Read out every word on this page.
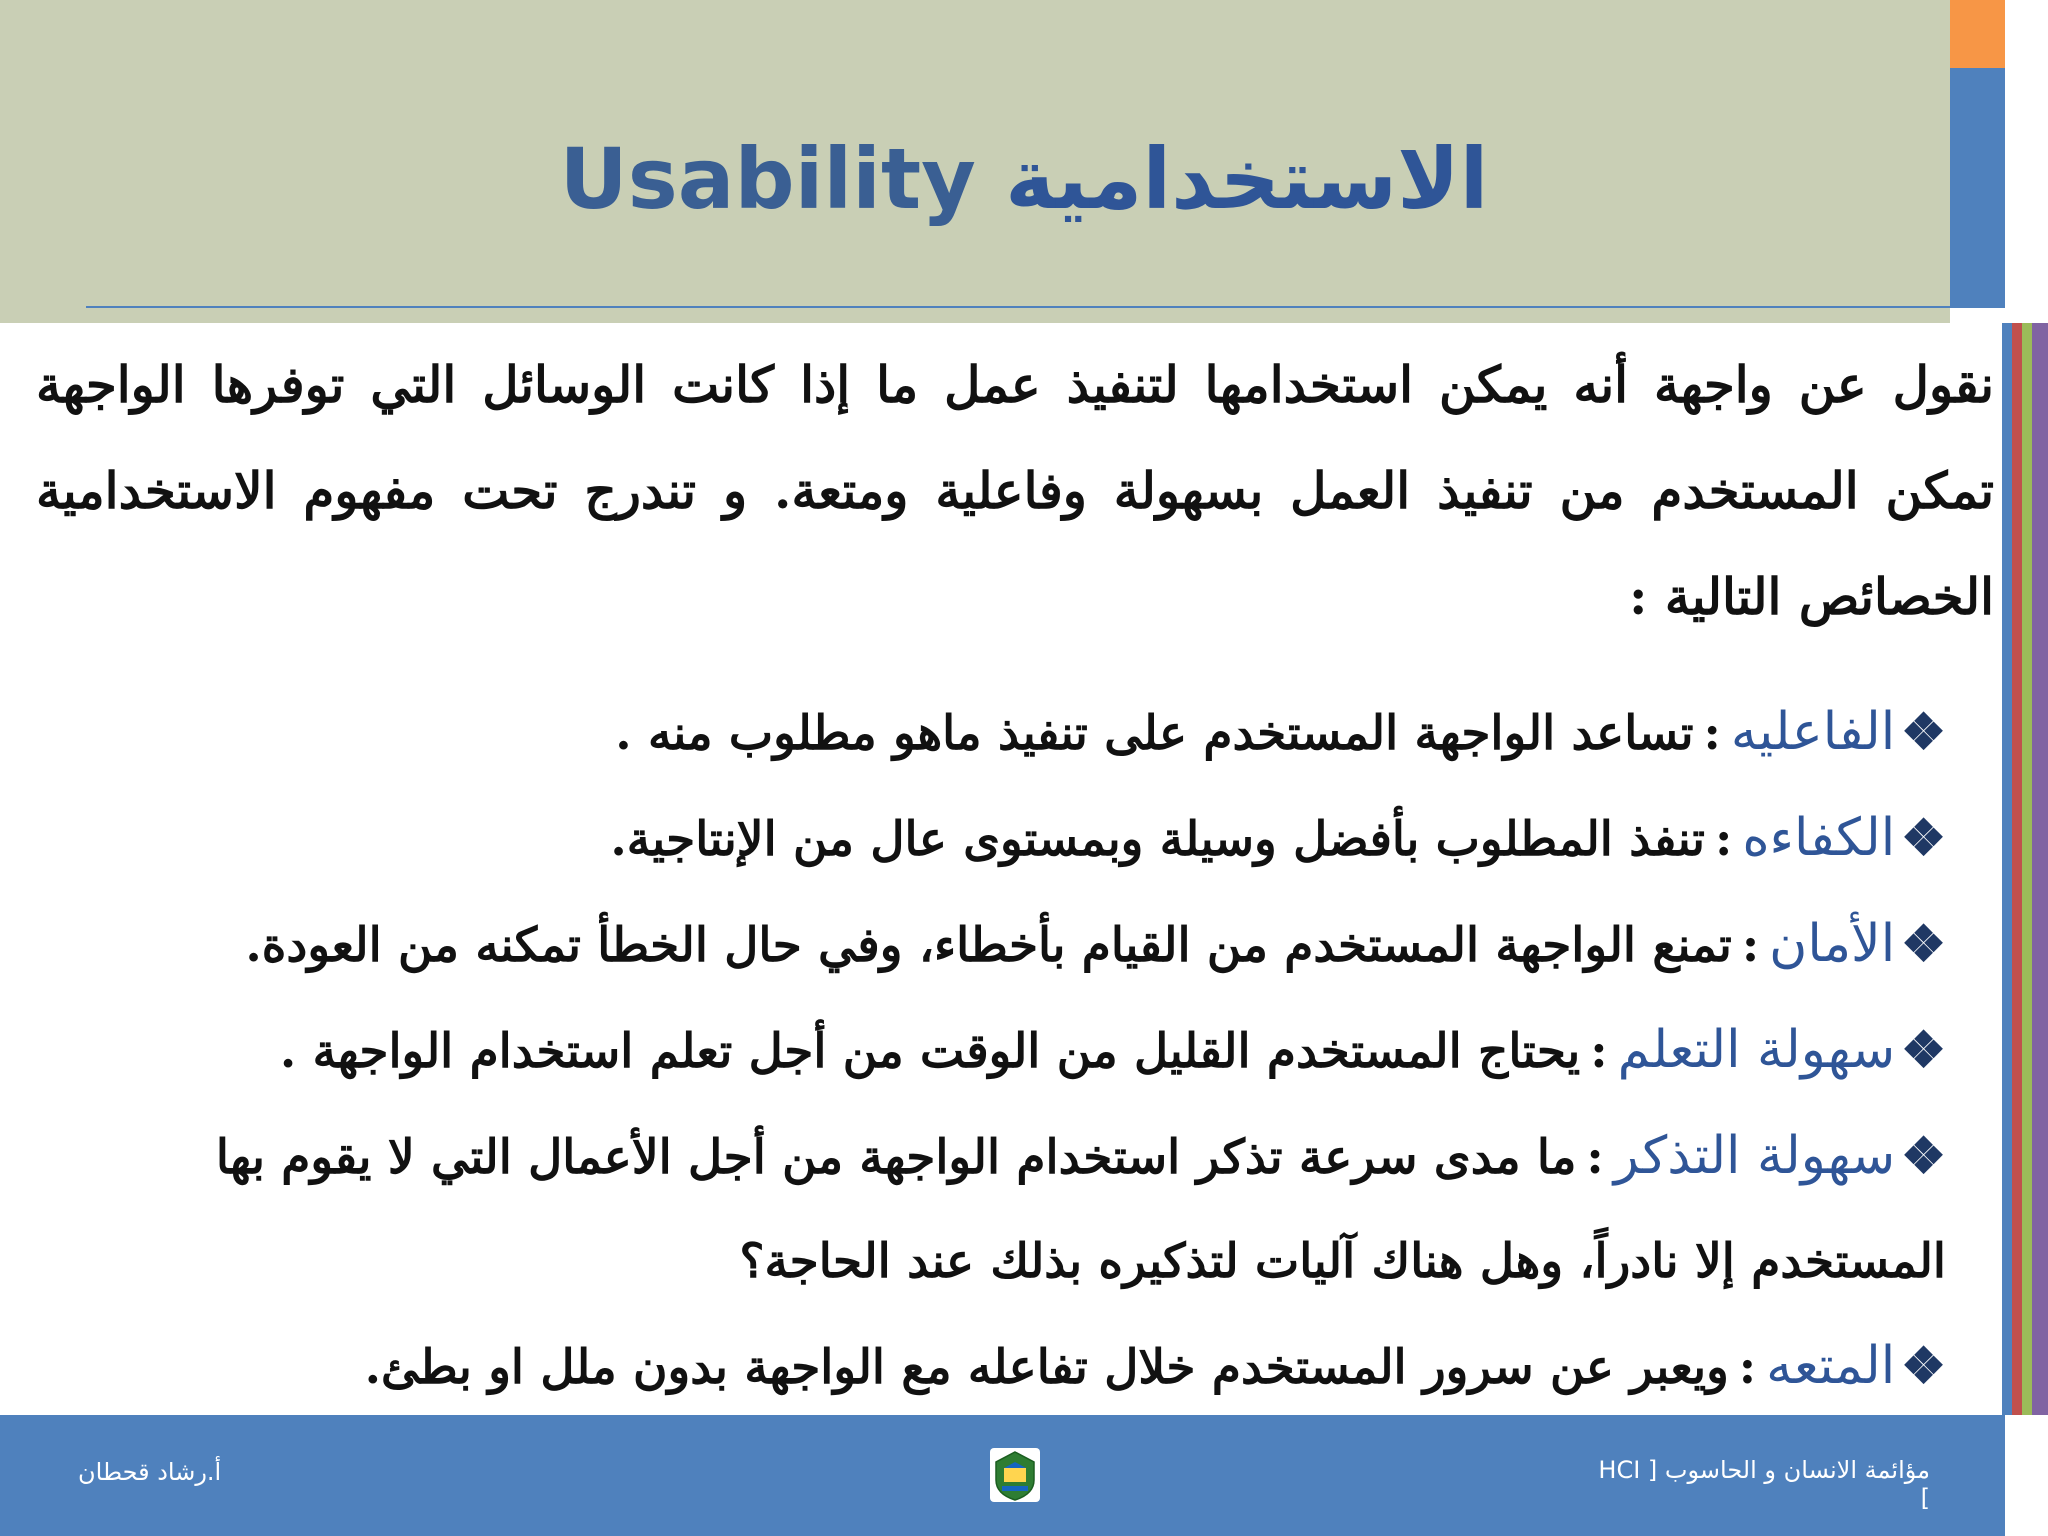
الاستخدامية Usability

نقول عن واجهة أنه يمكن استخدامها لتنفيذ عمل ما إذا كانت الوسائل التي توفرها الواجهة تمكن المستخدم من تنفيذ العمل بسهولة وفاعلية ومتعة. و تندرج تحت مفهوم الاستخدامية الخصائص التالية :

❖الفاعليه:تساعد الواجهة المستخدم على تنفيذ ماهو مطلوب منه .
❖الكفاءه:تنفذ المطلوب بأفضل وسيلة وبمستوى عال من الإنتاجية.
❖الأمان:تمنع الواجهة المستخدم من القيام بأخطاء، وفي حال الخطأ تمكنه من العودة.
❖سهولة التعلم:يحتاج المستخدم القليل من الوقت من أجل تعلم استخدام الواجهة .
❖سهولة التذكر:ما مدى سرعة تذكر استخدام الواجهة من أجل الأعمال التي لا يقوم بها المستخدم إلا نادراً، وهل هناك آليات لتذكيره بذلك عند الحاجة؟
❖المتعه:ويعبر عن سرور المستخدم خلال تفاعله مع الواجهة بدون ملل او بطئ.
أ.رشاد قحطان	مؤائمة الانسان و الحاسوب [ HCI ]
